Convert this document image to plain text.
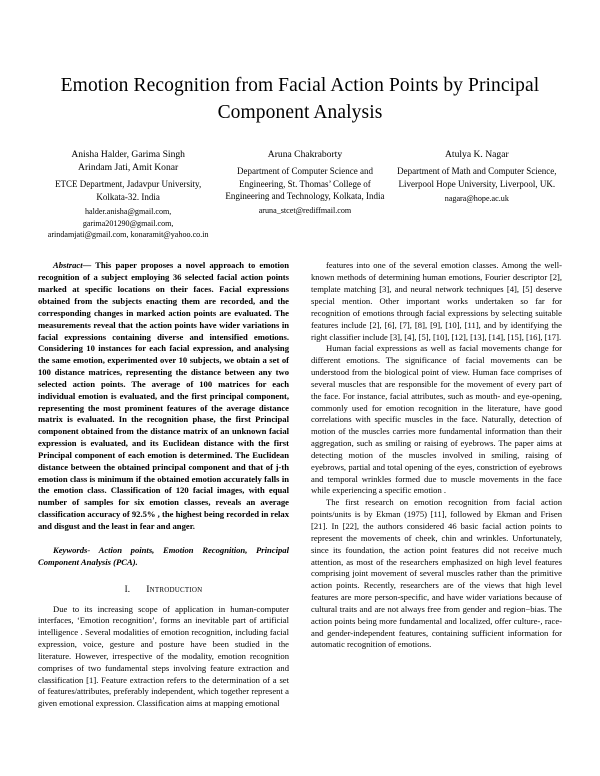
Emotion Recognition from Facial Action Points by Principal Component Analysis
Anisha Halder, Garima Singh
Arindam Jati, Amit Konar
ETCE Department, Jadavpur University, Kolkata-32. India
halder.anisha@gmail.com, garima201290@gmail.com, arindamjati@gmail.com, konaramit@yahoo.co.in
Aruna Chakraborty
Department of Computer Science and Engineering, St. Thomas’ College of Engineering and Technology, Kolkata, India
aruna_stcet@rediffmail.com
Atulya K. Nagar
Department of Math and Computer Science, Liverpool Hope University, Liverpool, UK.
nagara@hope.ac.uk

Abstract— This paper proposes a novel approach to emotion recognition of a subject employing 36 selected facial action points marked at specific locations on their faces. Facial expressions obtained from the subjects enacting them are recorded, and the corresponding changes in marked action points are evaluated. The measurements reveal that the action points have wider variations in facial expressions containing diverse and intensified emotions. Considering 10 instances for each facial expression, and analysing the same emotion, experimented over 10 subjects, we obtain a set of 100 distance matrices, representing the distance between any two selected action points. The average of 100 matrices for each individual emotion is evaluated, and the first principal component, representing the most prominent features of the average distance matrix is evaluated. In the recognition phase, the first Principal component obtained from the distance matrix of an unknown facial expression is evaluated, and its Euclidean distance with the first Principal component of each emotion is determined. The Euclidean distance between the obtained principal component and that of j-th emotion class is minimum if the obtained emotion accurately falls in the emotion class. Classification of 120 facial images, with equal number of samples for six emotion classes, reveals an average classification accuracy of 92.5% , the highest being recorded in relax and disgust and the least in fear and anger.

Keywords- Action points, Emotion Recognition, Principal Component Analysis (PCA).

I. Introduction

Due to its increasing scope of application in human-computer interfaces, ‘Emotion recognition’, forms an inevitable part of artificial intelligence . Several modalities of emotion recognition, including facial expression, voice, gesture and posture have been studied in the literature. However, irrespective of the modality, emotion recognition comprises of two fundamental steps involving feature extraction and classification [1]. Feature extraction refers to the determination of a set of features/attributes, preferably independent, which together represent a given emotional expression. Classification aims at mapping emotional

features into one of the several emotion classes. Among the well-known methods of determining human emotions, Fourier descriptor [2], template matching [3], and neural network techniques [4], [5] deserve special mention. Other important works undertaken so far for recognition of emotions through facial expressions by selecting suitable features include [2], [6], [7], [8], [9], [10], [11], and by identifying the right classifier include [3], [4], [5], [10], [12], [13], [14], [15], [16], [17].

Human facial expressions as well as facial movements change for different emotions. The significance of facial movements can be understood from the biological point of view. Human face comprises of several muscles that are responsible for the movement of every part of the face. For instance, facial attributes, such as mouth- and eye-opening, commonly used for emotion recognition in the literature, have good correlations with specific muscles in the face. Naturally, detection of motion of the muscles carries more fundamental information than their aggregation, such as smiling or raising of eyebrows. The paper aims at detecting motion of the muscles involved in smiling, raising of eyebrows, partial and total opening of the eyes, constriction of eyebrows and temporal wrinkles formed due to muscle movements in the face while experiencing a specific emotion .

The first research on emotion recognition from facial action points/units is by Ekman (1975) [11], followed by Ekman and Frisen [21]. In [22], the authors considered 46 basic facial action points to represent the movements of cheek, chin and wrinkles. Unfortunately, since its foundation, the action point features did not receive much attention, as most of the researchers emphasized on high level features comprising joint movement of several muscles rather than the primitive action points. Recently, researchers are of the views that high level features are more person-specific, and have wider variations because of cultural traits and are not always free from gender and region−bias. The action points being more fundamental and localized, offer culture-, race- and gender-independent features, containing sufficient information for automatic recognition of emotions.
